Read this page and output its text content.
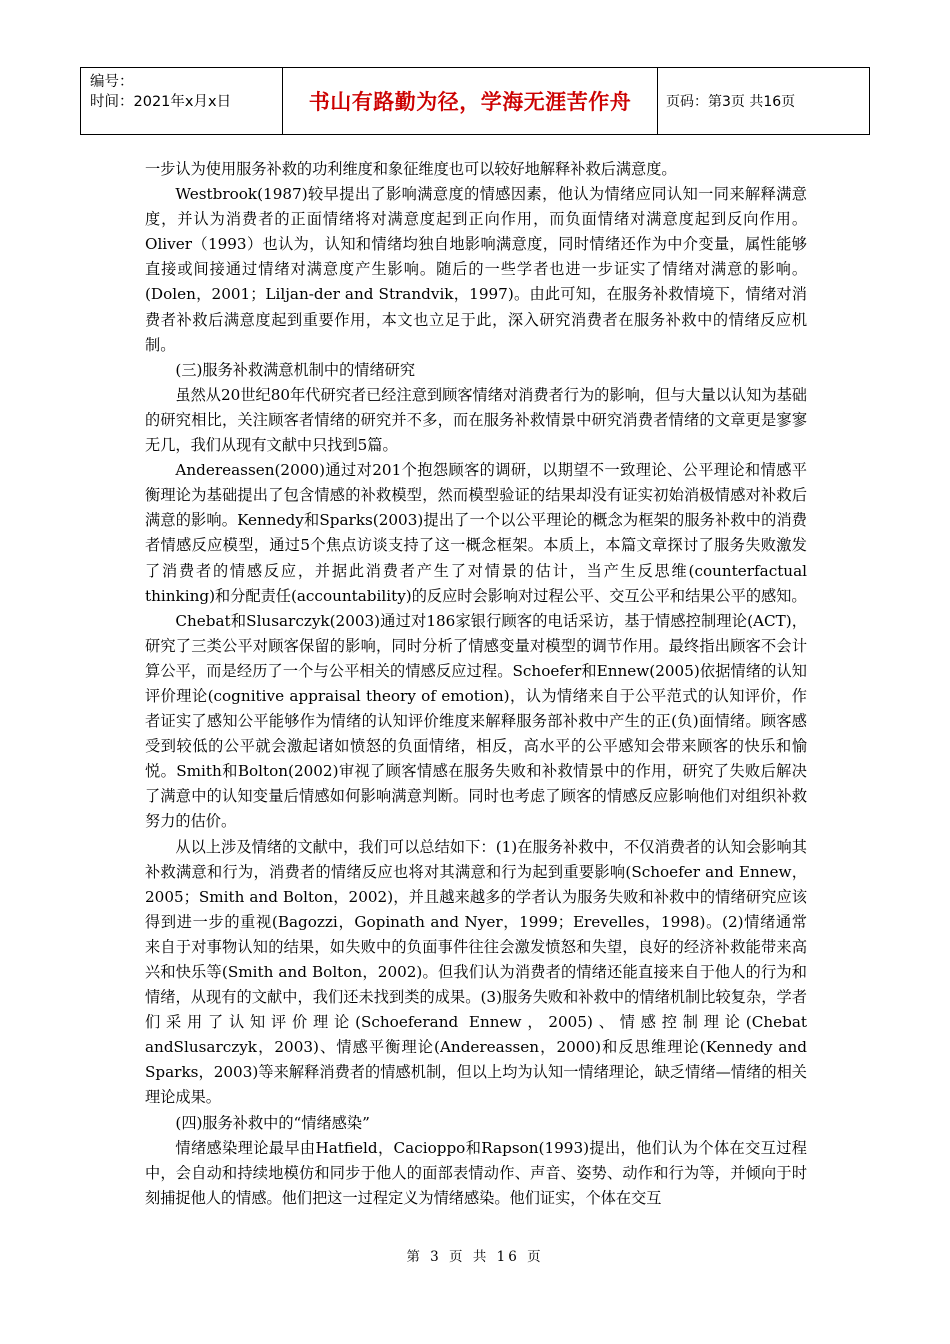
编号：
时间：2021年x月x日	书山有路勤为径，学海无涯苦作舟	页码：第3页 共16页

一步认为使用服务补救的功利维度和象征维度也可以较好地解释补救后满意度。

Westbrook(1987)较早提出了影响满意度的情感因素，他认为情绪应同认知一同来解释满意度，并认为消费者的正面情绪将对满意度起到正向作用，而负面情绪对满意度起到反向作用。Oliver（1993）也认为，认知和情绪均独自地影响满意度，同时情绪还作为中介变量，属性能够直接或间接通过情绪对满意度产生影响。随后的一些学者也进一步证实了情绪对满意的影响。(Dolen，2001；Liljan-der and Strandvik，1997)。由此可知，在服务补救情境下，情绪对消费者补救后满意度起到重要作用，本文也立足于此，深入研究消费者在服务补救中的情绪反应机制。

(三)服务补救满意机制中的情绪研究

虽然从20世纪80年代研究者已经注意到顾客情绪对消费者行为的影响，但与大量以认知为基础的研究相比，关注顾客者情绪的研究并不多，而在服务补救情景中研究消费者情绪的文章更是寥寥无几，我们从现有文献中只找到5篇。

Andereassen(2000)通过对201个抱怨顾客的调研，以期望不一致理论、公平理论和情感平衡理论为基础提出了包含情感的补救模型，然而模型验证的结果却没有证实初始消极情感对补救后满意的影响。Kennedy和Sparks(2003)提出了一个以公平理论的概念为框架的服务补救中的消费者情感反应模型，通过5个焦点访谈支持了这一概念框架。本质上，本篇文章探讨了服务失败激发了消费者的情感反应，并据此消费者产生了对情景的估计，当产生反思维(counterfactual thinking)和分配责任(accountability)的反应时会影响对过程公平、交互公平和结果公平的感知。

Chebat和Slusarczyk(2003)通过对186家银行顾客的电话采访，基于情感控制理论(ACT)，研究了三类公平对顾客保留的影响，同时分析了情感变量对模型的调节作用。最终指出顾客不会计算公平，而是经历了一个与公平相关的情感反应过程。Schoefer和Ennew(2005)依据情绪的认知评价理论(cognitive appraisal theory of emotion)，认为情绪来自于公平范式的认知评价，作者证实了感知公平能够作为情绪的认知评价维度来解释服务部补救中产生的正(负)面情绪。顾客感受到较低的公平就会激起诸如愤怒的负面情绪，相反，高水平的公平感知会带来顾客的快乐和愉悦。Smith和Bolton(2002)审视了顾客情感在服务失败和补救情景中的作用，研究了失败后解决了满意中的认知变量后情感如何影响满意判断。同时也考虑了顾客的情感反应影响他们对组织补救努力的估价。

从以上涉及情绪的文献中，我们可以总结如下：(1)在服务补救中，不仅消费者的认知会影响其补救满意和行为，消费者的情绪反应也将对其满意和行为起到重要影响(Schoefer and Ennew，2005；Smith and Bolton，2002)，并且越来越多的学者认为服务失败和补救中的情绪研究应该得到进一步的重视(Bagozzi，Gopinath and Nyer，1999；Erevelles，1998)。(2)情绪通常来自于对事物认知的结果，如失败中的负面事件往往会激发愤怒和失望，良好的经济补救能带来高兴和快乐等(Smith and Bolton，2002)。但我们认为消费者的情绪还能直接来自于他人的行为和情绪，从现有的文献中，我们还未找到类的成果。(3)服务失败和补救中的情绪机制比较复杂，学者们采用了认知评价理论(Schoeferand Ennew，2005)、情感控制理论(Chebat andSlusarczyk，2003)、情感平衡理论(Andereassen，2000)和反思维理论(Kennedy and Sparks，2003)等来解释消费者的情感机制，但以上均为认知一情绪理论，缺乏情绪—情绪的相关理论成果。

(四)服务补救中的“情绪感染”

情绪感染理论最早由Hatfield，Cacioppo和Rapson(1993)提出，他们认为个体在交互过程中，会自动和持续地模仿和同步于他人的面部表情动作、声音、姿势、动作和行为等，并倾向于时刻捕捉他人的情感。他们把这一过程定义为情绪感染。他们证实，个体在交互

第 3 页 共 16 页
